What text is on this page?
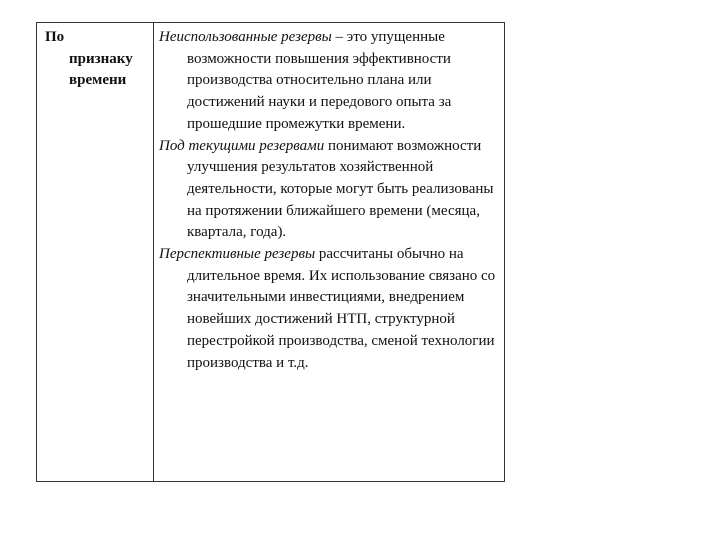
По
признаку
времени

Неиспользованные резервы – это упущенные возможности повышения эффективности производства относительно плана или достижений науки и передового опыта за прошедшие промежутки времени.

Под текущими резервами понимают возможности улучшения результатов хозяйственной деятельности, которые могут быть реализованы на протяжении ближайшего времени (месяца, квартала, года).

Перспективные резервы рассчитаны обычно на длительное время. Их использование связано со значительными инвестициями, внедрением новейших достижений НТП, структурной перестройкой производства, сменой технологии производства и т.д.
